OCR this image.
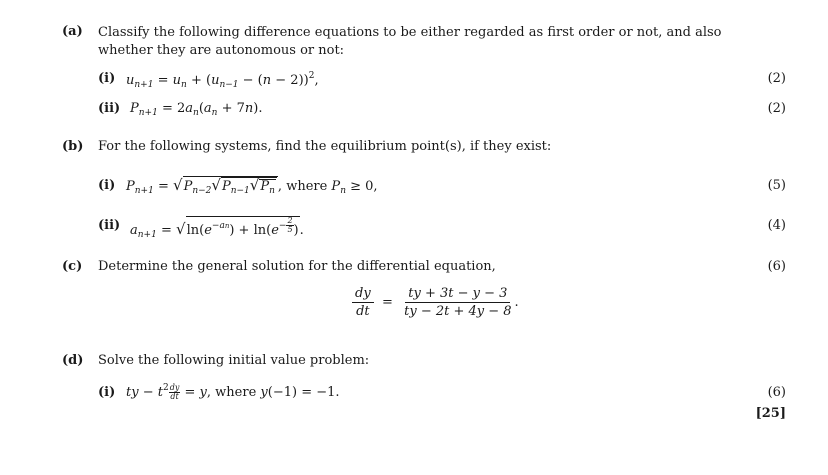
(a) Classify the following difference equations to be either regarded as first order or not, and also whether they are autonomous or not:
(i) $u_{n+1} = u_n + (u_{n-1} - (n - 2))^2$,	(2)
(ii) $P_{n+1} = 2a_n(a_n + 7n)$.	(2)
(b) For the following systems, find the equilibrium point(s), if they exist:
(i) $P_{n+1} = √P_{n-2}√P_{n-1}√P_n$ , where $P_n \ge 0$,	(5)
(ii) $a_{n+1} = √\ln(e^{-an}) + \ln(e^{- \frac{2}{5}}$ ).	(4)
(c) Determine the general solution for the differential equation,	(6)
$\frac{dy}{dt} = \frac{ty + 3t - y - 3}{ty - 2t + 4y - 8}$ .
(d) Solve the following initial value problem:
(i) ty − $t^2 \frac{dy}{dt} = y$, where y(−1) = −1.	(6)
[25]
